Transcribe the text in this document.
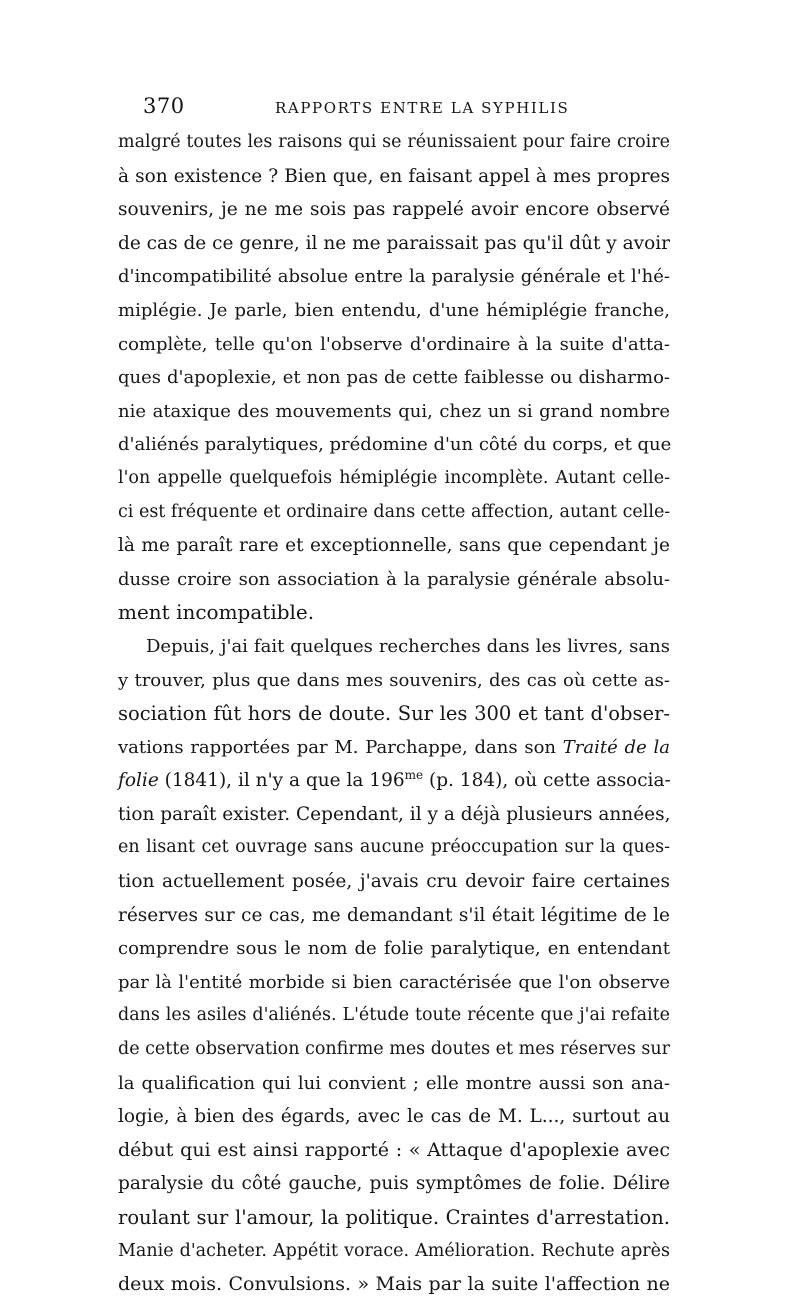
370	RAPPORTS ENTRE LA SYPHILIS
malgré toutes les raisons qui se réunissaient pour faire croire
à son existence ? Bien que, en faisant appel à mes propres
souvenirs, je ne me sois pas rappelé avoir encore observé
de cas de ce genre, il ne me paraissait pas qu'il dût y avoir
d'incompatibilité absolue entre la paralysie générale et l'hé-
miplégie. Je parle, bien entendu, d'une hémiplégie franche,
complète, telle qu'on l'observe d'ordinaire à la suite d'atta-
ques d'apoplexie, et non pas de cette faiblesse ou disharmo-
nie ataxique des mouvements qui, chez un si grand nombre
d'aliénés paralytiques, prédomine d'un côté du corps, et que
l'on appelle quelquefois hémiplégie incomplète. Autant celle-
ci est fréquente et ordinaire dans cette affection, autant celle-
là me paraît rare et exceptionnelle, sans que cependant je
dusse croire son association à la paralysie générale absolu-
ment incompatible.
Depuis, j'ai fait quelques recherches dans les livres, sans
y trouver, plus que dans mes souvenirs, des cas où cette as-
sociation fût hors de doute. Sur les 300 et tant d'obser-
vations rapportées par M. Parchappe, dans son Traité de la
folie (1841), il n'y a que la $196^{me}$ (p. 184), où cette associa-
tion paraît exister. Cependant, il y a déjà plusieurs années,
en lisant cet ouvrage sans aucune préoccupation sur la ques-
tion actuellement posée, j'avais cru devoir faire certaines
réserves sur ce cas, me demandant s'il était légitime de le
comprendre sous le nom de folie paralytique, en entendant
par là l'entité morbide si bien caractérisée que l'on observe
dans les asiles d'aliénés. L'étude toute récente que j'ai refaite
de cette observation confirme mes doutes et mes réserves sur
la qualification qui lui convient ; elle montre aussi son ana-
logie, à bien des égards, avec le cas de M. L..., surtout au
début qui est ainsi rapporté : « Attaque d'apoplexie avec
paralysie du côté gauche, puis symptômes de folie. Délire
roulant sur l'amour, la politique. Craintes d'arrestation.
Manie d'acheter. Appétit vorace. Amélioration. Rechute après
deux mois. Convulsions. » Mais par la suite l'affection ne
